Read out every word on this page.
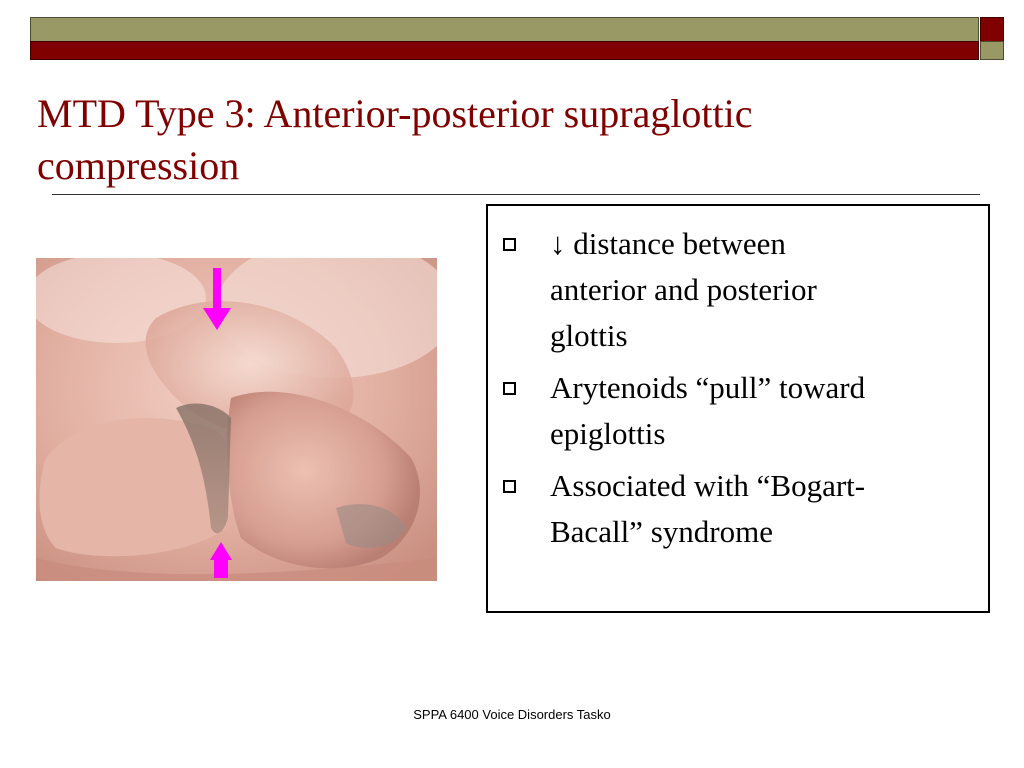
MTD Type 3: Anterior-posterior supraglottic
compression
↓ distance between
anterior and posterior
glottis
Arytenoids “pull” toward
epiglottis
Associated with “Bogart-
Bacall” syndrome
SPPA 6400 Voice Disorders Tasko
